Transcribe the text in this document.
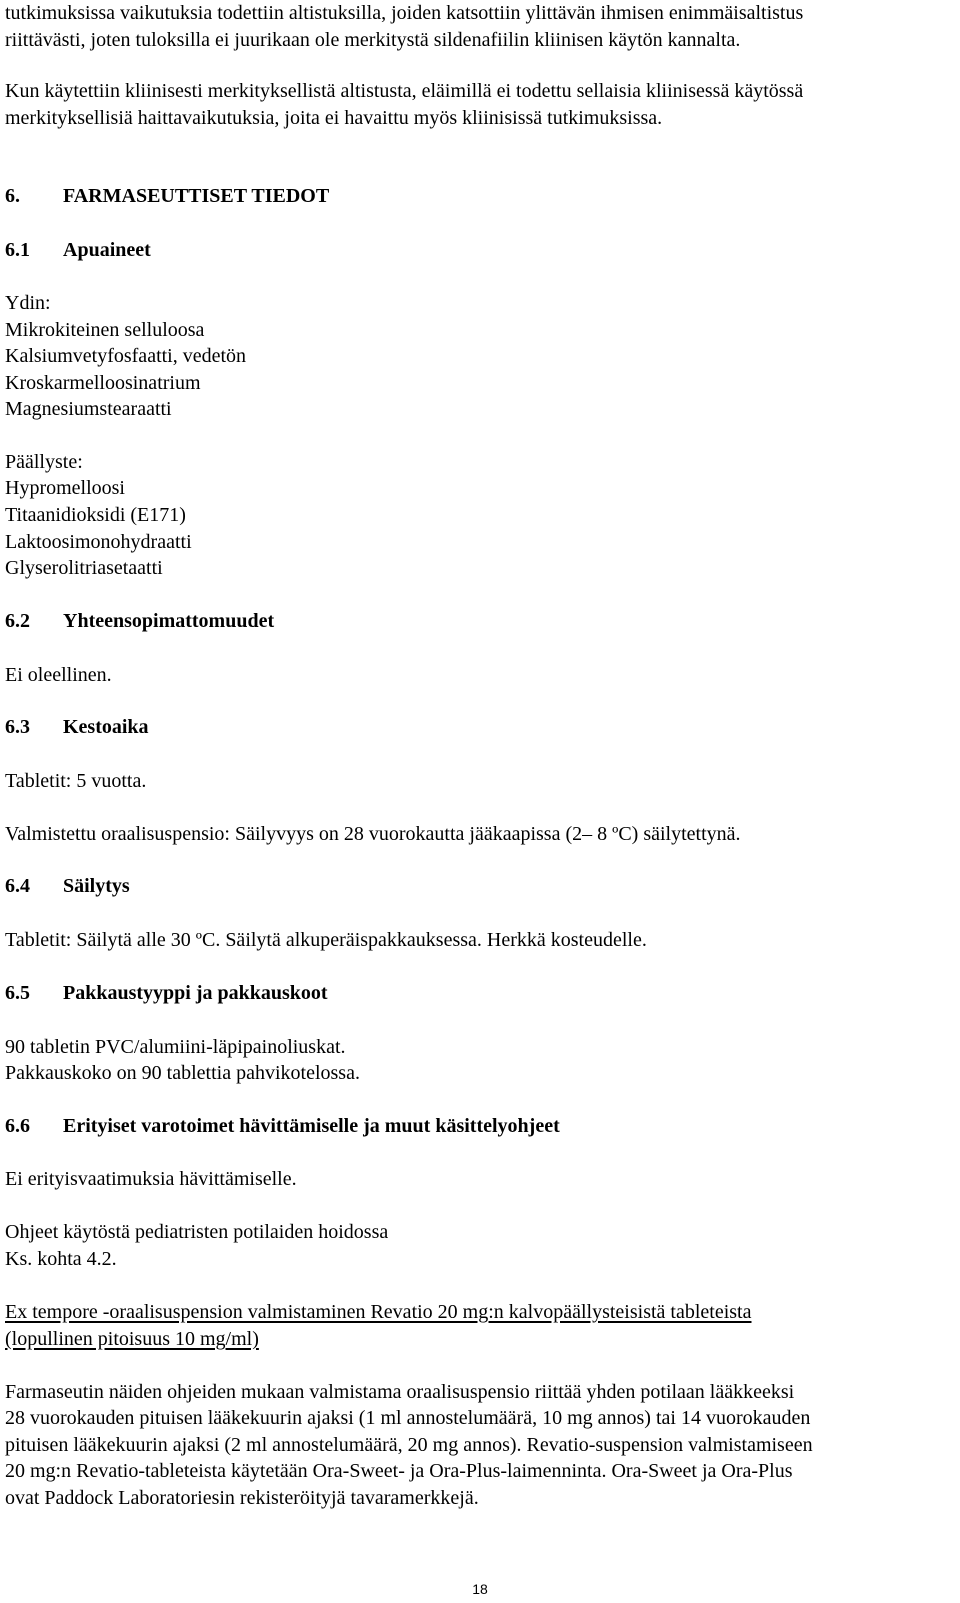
tutkimuksissa vaikutuksia todettiin altistuksilla, joiden katsottiin ylittävän ihmisen enimmäisaltistus

riittävästi, joten tuloksilla ei juurikaan ole merkitystä sildenafiilin kliinisen käytön kannalta.

Kun käytettiin kliinisesti merkityksellistä altistusta, eläimillä ei todettu sellaisia kliinisessä käytössä

merkityksellisiä haittavaikutuksia, joita ei havaittu myös kliinisissä tutkimuksissa.

6. FARMASEUTTISET TIEDOT
6.1 Apuaineet

Ydin:

Mikrokiteinen selluloosa

Kalsiumvetyfosfaatti, vedetön

Kroskarmelloosinatrium

Magnesiumstearaatti

Päällyste:

Hypromelloosi

Titaanidioksidi (E171)

Laktoosimonohydraatti

Glyserolitriasetaatti

6.2 Yhteensopimattomuudet

Ei oleellinen.

6.3 Kestoaika

Tabletit: 5 vuotta.

Valmistettu oraalisuspensio: Säilyvyys on 28 vuorokautta jääkaapissa (2– 8 ºC) säilytettynä.

6.4 Säilytys

Tabletit: Säilytä alle 30 ºC. Säilytä alkuperäispakkauksessa. Herkkä kosteudelle.

6.5 Pakkaustyyppi ja pakkauskoot

90 tabletin PVC/alumiini-läpipainoliuskat.

Pakkauskoko on 90 tablettia pahvikotelossa.

6.6 Erityiset varotoimet hävittämiselle ja muut käsittelyohjeet

Ei erityisvaatimuksia hävittämiselle.

Ohjeet käytöstä pediatristen potilaiden hoidossa

Ks. kohta 4.2.

Ex tempore -oraalisuspension valmistaminen Revatio 20 mg:n kalvopäällysteisistä tableteista

(lopullinen pitoisuus 10 mg/ml)

Farmaseutin näiden ohjeiden mukaan valmistama oraalisuspensio riittää yhden potilaan lääkkeeksi

28 vuorokauden pituisen lääkekuurin ajaksi (1 ml annostelumäärä, 10 mg annos) tai 14 vuorokauden

pituisen lääkekuurin ajaksi (2 ml annostelumäärä, 20 mg annos). Revatio-suspension valmistamiseen

20 mg:n Revatio-tableteista käytetään Ora-Sweet- ja Ora-Plus-laimenninta. Ora-Sweet ja Ora-Plus

ovat Paddock Laboratoriesin rekisteröityjä tavaramerkkejä.

18
